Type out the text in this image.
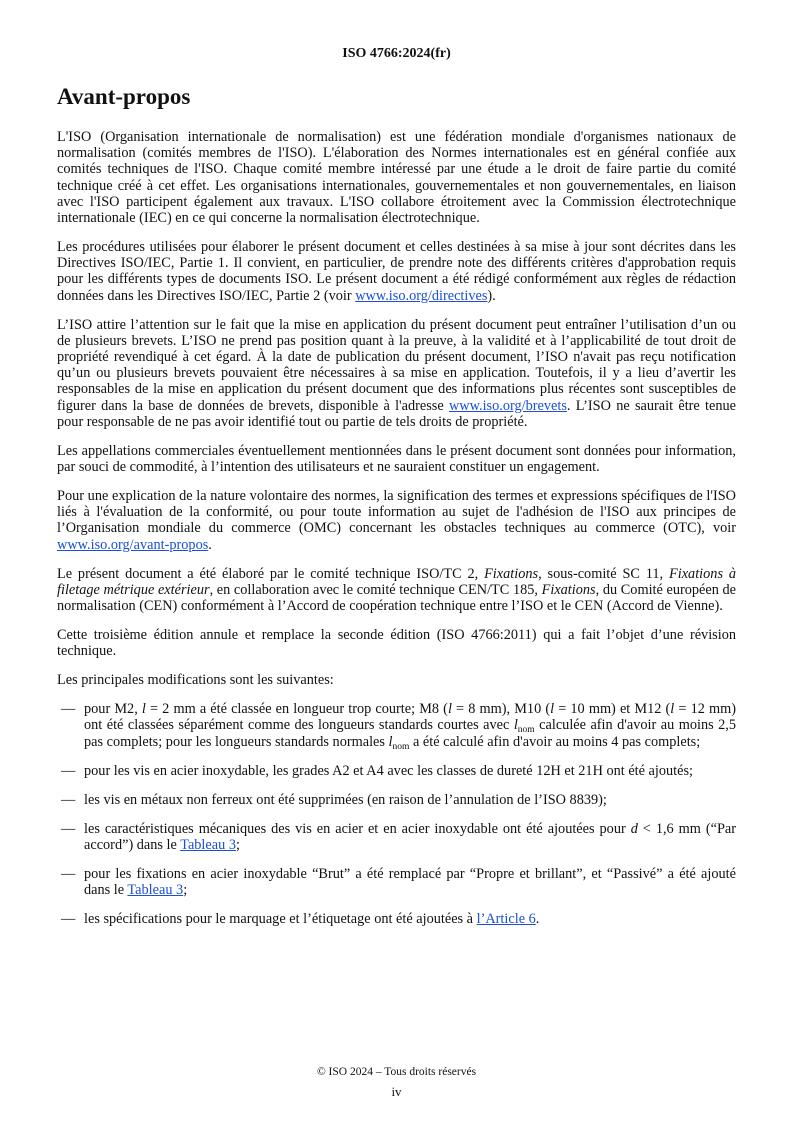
ISO 4766:2024(fr)
Avant-propos

L'ISO (Organisation internationale de normalisation) est une fédération mondiale d'organismes nationaux de normalisation (comités membres de l'ISO). L'élaboration des Normes internationales est en général confiée aux comités techniques de l'ISO. Chaque comité membre intéressé par une étude a le droit de faire partie du comité technique créé à cet effet. Les organisations internationales, gouvernementales et non gouvernementales, en liaison avec l'ISO participent également aux travaux. L'ISO collabore étroitement avec la Commission électrotechnique internationale (IEC) en ce qui concerne la normalisation électrotechnique.

Les procédures utilisées pour élaborer le présent document et celles destinées à sa mise à jour sont décrites dans les Directives ISO/IEC, Partie 1. Il convient, en particulier, de prendre note des différents critères d'approbation requis pour les différents types de documents ISO. Le présent document a été rédigé conformément aux règles de rédaction données dans les Directives ISO/IEC, Partie 2 (voir www.iso.org/directives).

L’ISO attire l’attention sur le fait que la mise en application du présent document peut entraîner l’utilisation d’un ou de plusieurs brevets. L’ISO ne prend pas position quant à la preuve, à la validité et à l’applicabilité de tout droit de propriété revendiqué à cet égard. À la date de publication du présent document, l’ISO n'avait pas reçu notification qu’un ou plusieurs brevets pouvaient être nécessaires à sa mise en application. Toutefois, il y a lieu d’avertir les responsables de la mise en application du présent document que des informations plus récentes sont susceptibles de figurer dans la base de données de brevets, disponible à l'adresse www.iso.org/brevets. L’ISO ne saurait être tenue pour responsable de ne pas avoir identifié tout ou partie de tels droits de propriété.

Les appellations commerciales éventuellement mentionnées dans le présent document sont données pour information, par souci de commodité, à l’intention des utilisateurs et ne sauraient constituer un engagement.

Pour une explication de la nature volontaire des normes, la signification des termes et expressions spécifiques de l'ISO liés à l'évaluation de la conformité, ou pour toute information au sujet de l'adhésion de l'ISO aux principes de l’Organisation mondiale du commerce (OMC) concernant les obstacles techniques au commerce (OTC), voir www.iso.org/avant-propos.

Le présent document a été élaboré par le comité technique ISO/TC 2, Fixations, sous-comité SC 11, Fixations à filetage métrique extérieur, en collaboration avec le comité technique CEN/TC 185, Fixations, du Comité européen de normalisation (CEN) conformément à l’Accord de coopération technique entre l’ISO et le CEN (Accord de Vienne).

Cette troisième édition annule et remplace la seconde édition (ISO 4766:2011) qui a fait l’objet d’une révision technique.

Les principales modifications sont les suivantes:

— pour M2, l = 2 mm a été classée en longueur trop courte; M8 (l = 8 mm), M10 (l = 10 mm) et M12 (l = 12 mm) ont été classées séparément comme des longueurs standards courtes avec $l_{nom}$ calculée afin d'avoir au moins 2,5 pas complets; pour les longueurs standards normales $l_{nom}$ a été calculé afin d'avoir au moins 4 pas complets;
— pour les vis en acier inoxydable, les grades A2 et A4 avec les classes de dureté 12H et 21H ont été ajoutés;
— les vis en métaux non ferreux ont été supprimées (en raison de l’annulation de l’ISO 8839);
— les caractéristiques mécaniques des vis en acier et en acier inoxydable ont été ajoutées pour d < 1,6 mm (“Par accord”) dans le Tableau 3;
— pour les fixations en acier inoxydable “Brut” a été remplacé par “Propre et brillant”, et “Passivé” a été ajouté dans le Tableau 3;
— les spécifications pour le marquage et l’étiquetage ont été ajoutées à l’Article 6.
© ISO 2024 – Tous droits réservés
iv
